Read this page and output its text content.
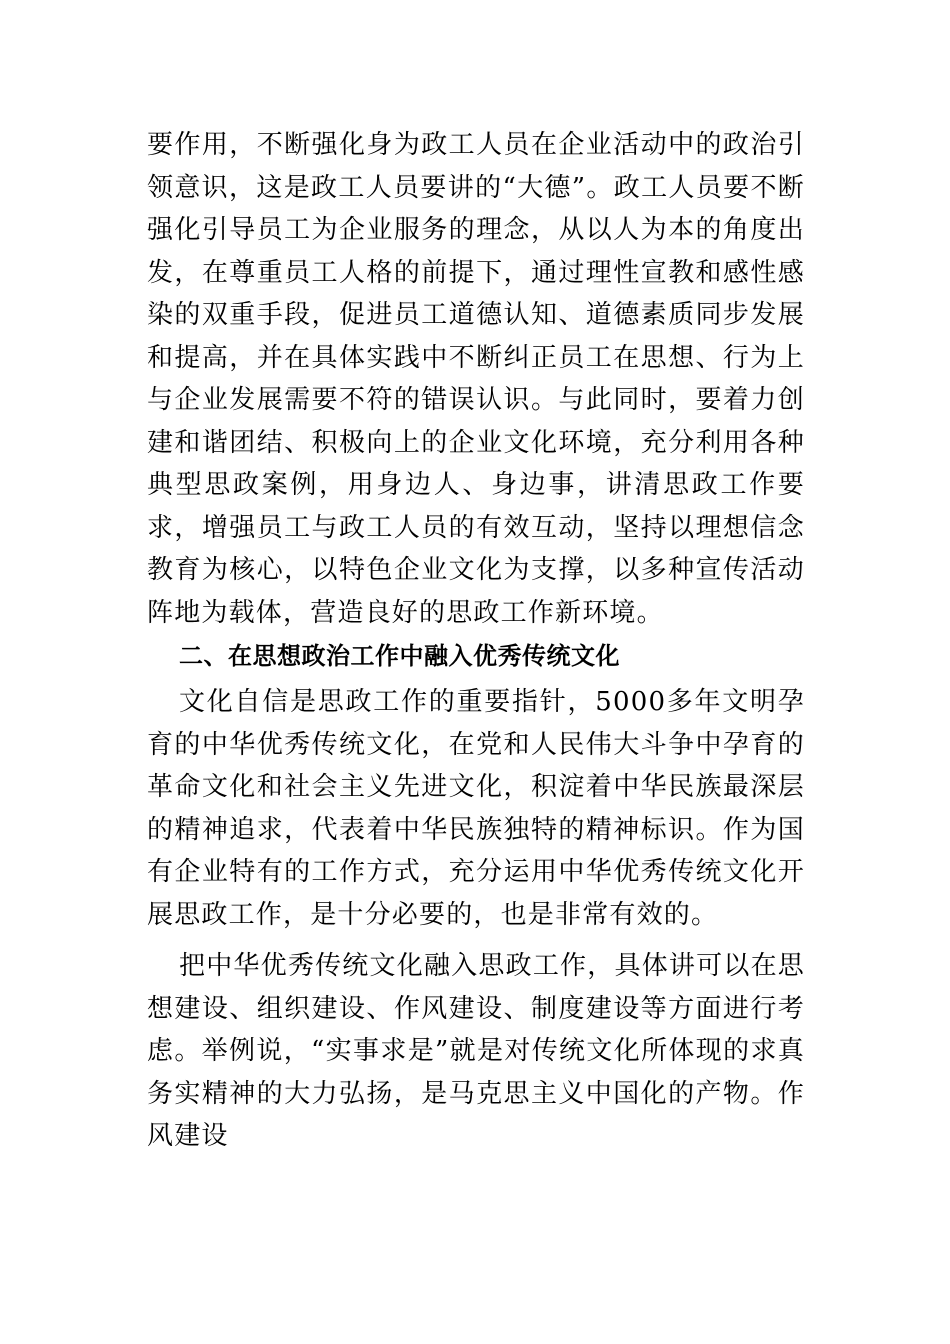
要作用，不断强化身为政工人员在企业活动中的政治引领意识，这是政工人员要讲的“大德”。政工人员要不断强化引导员工为企业服务的理念，从以人为本的角度出发，在尊重员工人格的前提下，通过理性宣教和感性感染的双重手段，促进员工道德认知、道德素质同步发展和提高，并在具体实践中不断纠正员工在思想、行为上与企业发展需要不符的错误认识。与此同时，要着力创建和谐团结、积极向上的企业文化环境，充分利用各种典型思政案例，用身边人、身边事，讲清思政工作要求，增强员工与政工人员的有效互动，坚持以理想信念教育为核心，以特色企业文化为支撑，以多种宣传活动阵地为载体，营造良好的思政工作新环境。

二、在思想政治工作中融入优秀传统文化

文化自信是思政工作的重要指针，5000多年文明孕育的中华优秀传统文化，在党和人民伟大斗争中孕育的革命文化和社会主义先进文化，积淀着中华民族最深层的精神追求，代表着中华民族独特的精神标识。作为国有企业特有的工作方式，充分运用中华优秀传统文化开展思政工作，是十分必要的，也是非常有效的。

把中华优秀传统文化融入思政工作，具体讲可以在思想建设、组织建设、作风建设、制度建设等方面进行考虑。举例说，“实事求是”就是对传统文化所体现的求真务实精神的大力弘扬，是马克思主义中国化的产物。作风建设
